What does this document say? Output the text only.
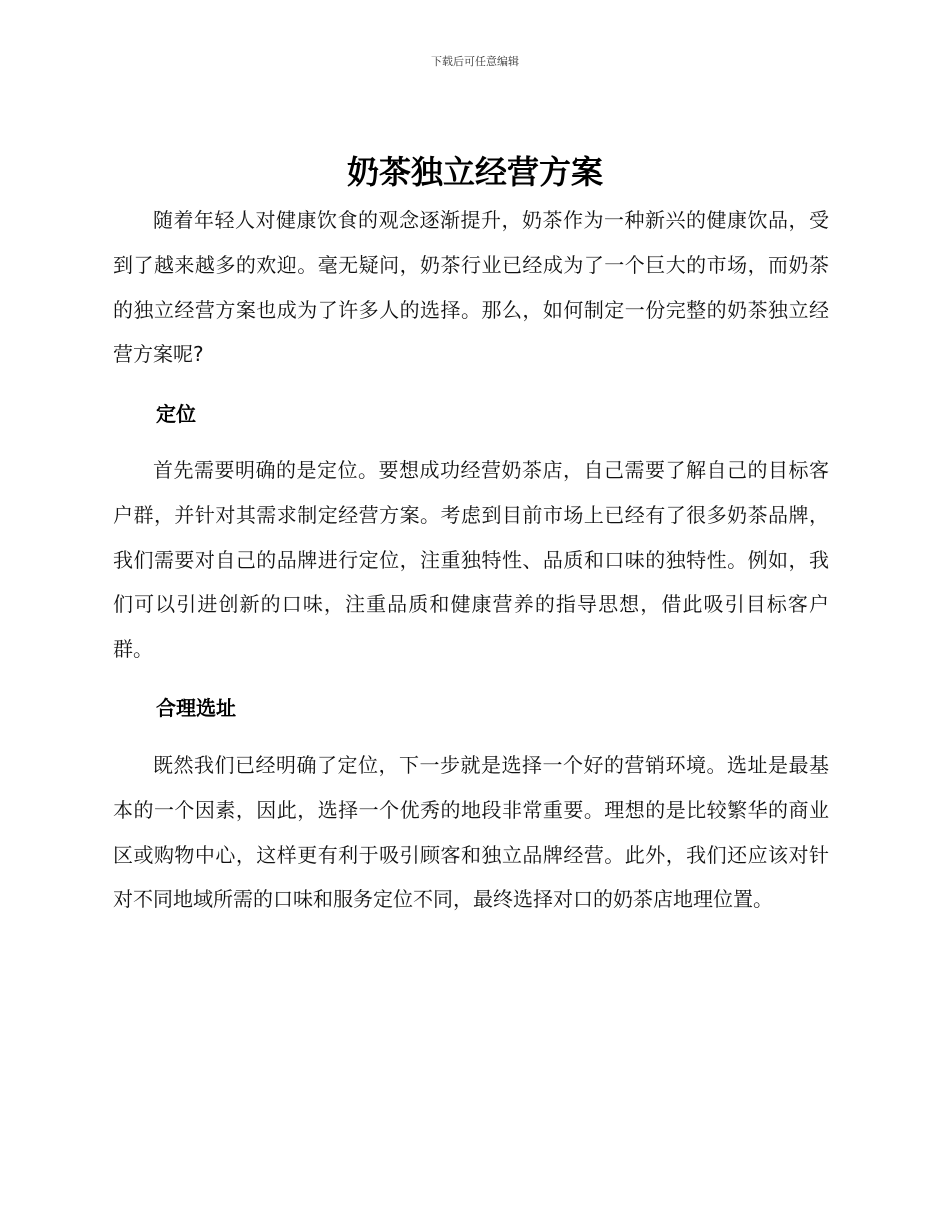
下载后可任意编辑
奶茶独立经营方案

随着年轻人对健康饮食的观念逐渐提升，奶茶作为一种新兴的健康饮品，受到了越来越多的欢迎。毫无疑问，奶茶行业已经成为了一个巨大的市场，而奶茶的独立经营方案也成为了许多人的选择。那么，如何制定一份完整的奶茶独立经营方案呢?

定位

首先需要明确的是定位。要想成功经营奶茶店，自己需要了解自己的目标客户群，并针对其需求制定经营方案。考虑到目前市场上已经有了很多奶茶品牌，我们需要对自己的品牌进行定位，注重独特性、品质和口味的独特性。例如，我们可以引进创新的口味，注重品质和健康营养的指导思想，借此吸引目标客户群。

合理选址

既然我们已经明确了定位，下一步就是选择一个好的营销环境。选址是最基本的一个因素，因此，选择一个优秀的地段非常重要。理想的是比较繁华的商业区或购物中心，这样更有利于吸引顾客和独立品牌经营。此外，我们还应该对针对不同地域所需的口味和服务定位不同，最终选择对口的奶茶店地理位置。
